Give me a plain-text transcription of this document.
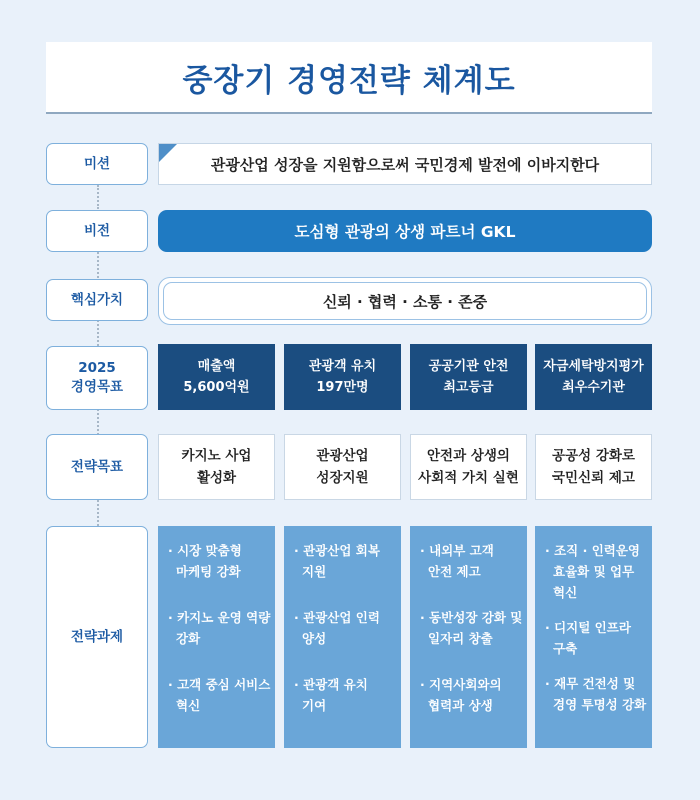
중장기 경영전략 체계도
미션
비전
핵심가치
2025
경영목표
전략목표
전략과제
관광산업 성장을 지원함으로써 국민경제 발전에 이바지한다
도심형 관광의 상생 파트너 GKL
신뢰 · 협력 · 소통 · 존중
매출액
5,600억원
관광객 유치
197만명
공공기관 안전
최고등급
자금세탁방지평가
최우수기관
카지노 사업
활성화
관광산업
성장지원
안전과 상생의
사회적 가치 실현
공공성 강화로
국민신뢰 제고
· 시장 맞춤형
마케팅 강화
· 카지노 운영 역량
강화
· 고객 중심 서비스
혁신
· 관광산업 회복
지원
· 관광산업 인력
양성
· 관광객 유치
기여
· 내외부 고객
안전 제고
· 동반성장 강화 및
일자리 창출
· 지역사회와의
협력과 상생
· 조직 · 인력운영
효율화 및 업무
혁신
· 디지털 인프라
구축
· 재무 건전성 및
경영 투명성 강화
